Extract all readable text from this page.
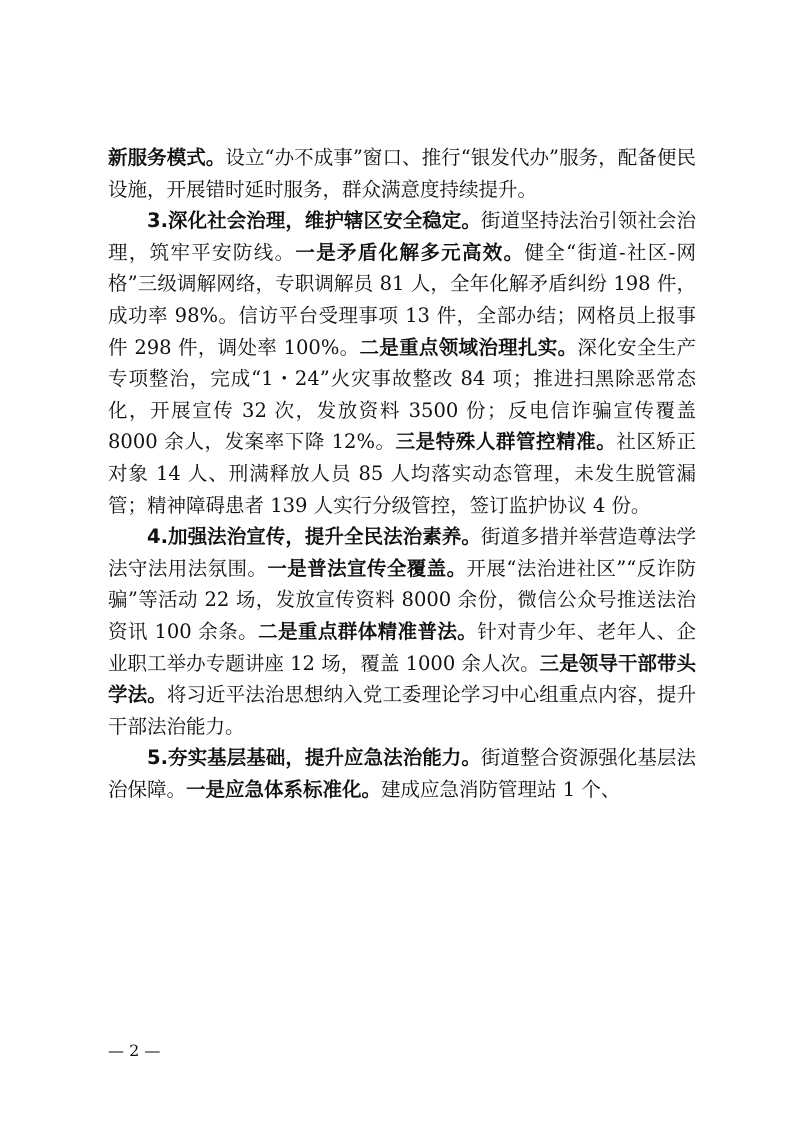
新服务模式。设立“办不成事”窗口、推行“银发代办”服务，配备便民设施，开展错时延时服务，群众满意度持续提升。

3.深化社会治理，维护辖区安全稳定。街道坚持法治引领社会治理，筑牢平安防线。一是矛盾化解多元高效。健全“街道-社区-网格”三级调解网络，专职调解员 81 人，全年化解矛盾纠纷 198 件，成功率 98%。信访平台受理事项 13 件，全部办结；网格员上报事件 298 件，调处率 100%。二是重点领域治理扎实。深化安全生产专项整治，完成“1・24”火灾事故整改 84 项；推进扫黑除恶常态化，开展宣传 32 次，发放资料 3500 份；反电信诈骗宣传覆盖 8000 余人，发案率下降 12%。三是特殊人群管控精准。社区矫正对象 14 人、刑满释放人员 85 人均落实动态管理，未发生脱管漏管；精神障碍患者 139 人实行分级管控，签订监护协议 4 份。

4.加强法治宣传，提升全民法治素养。街道多措并举营造尊法学法守法用法氛围。一是普法宣传全覆盖。开展“法治进社区”“反诈防骗”等活动 22 场，发放宣传资料 8000 余份，微信公众号推送法治资讯 100 余条。二是重点群体精准普法。针对青少年、老年人、企业职工举办专题讲座 12 场，覆盖 1000 余人次。三是领导干部带头学法。将习近平法治思想纳入党工委理论学习中心组重点内容，提升干部法治能力。

5.夯实基层基础，提升应急法治能力。街道整合资源强化基层法治保障。一是应急体系标准化。建成应急消防管理站 1 个、

— 2 —
